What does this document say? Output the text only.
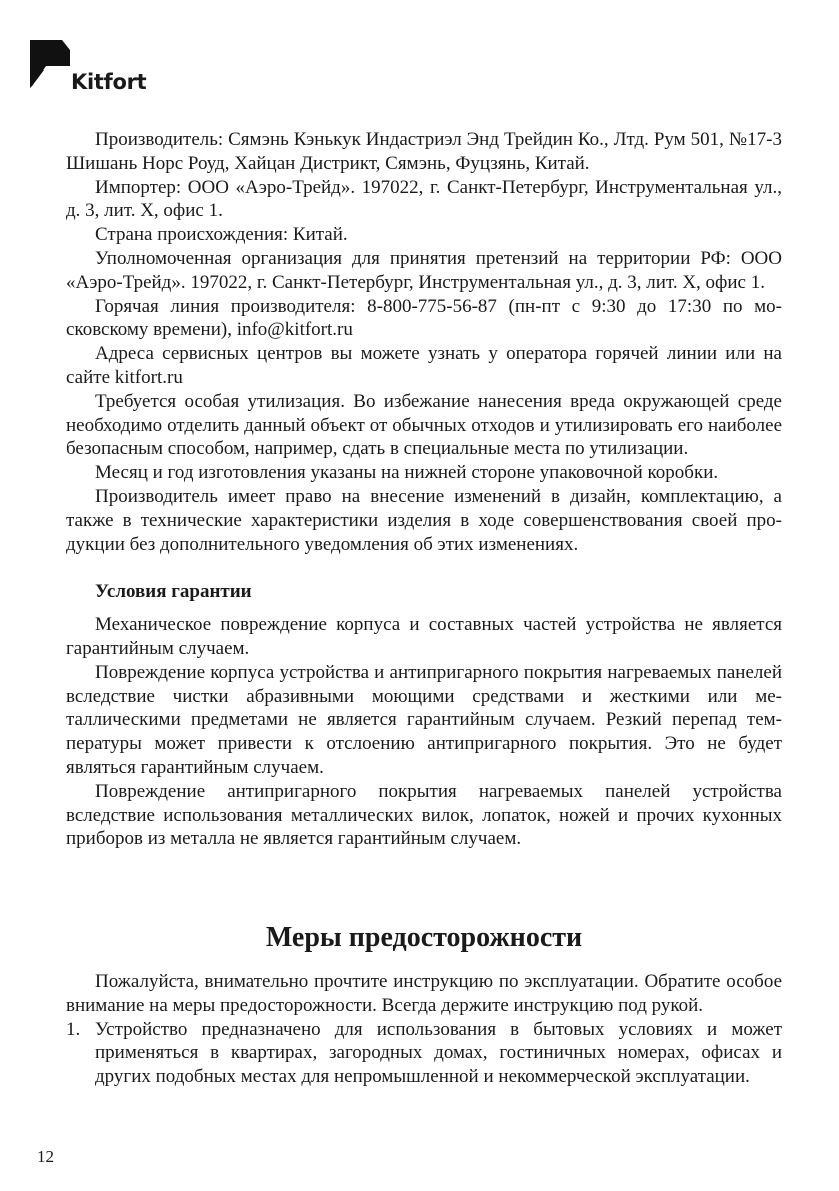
Kitfort

Производитель: Сямэнь Кэнькук Индастриэл Энд Трейдин Ко., Лтд. Рум 501, №17-3 Шишань Норс Роуд, Хайцан Дистрикт, Сямэнь, Фуцзянь, Китай.

Импортер: ООО «Аэро-Трейд». 197022, г. Санкт-Петербург, Инструментальная ул., д. 3, лит. Х, офис 1.

Страна происхождения: Китай.

Уполномоченная организация для принятия претензий на территории РФ: ООО «Аэро-Трейд». 197022, г. Санкт-Петербург, Инструментальная ул., д. 3, лит. Х, офис 1.

Горячая линия производителя: 8-800-775-56-87 (пн-пт с 9:30 до 17:30 по московскому времени), info@kitfort.ru

Адреса сервисных центров вы можете узнать у оператора горячей линии или на сайте kitfort.ru

Требуется особая утилизация. Во избежание нанесения вреда окружающей среде необходимо отделить данный объект от обычных отходов и утилизировать его наиболее безопасным способом, например, сдать в специальные места по утилизации.

Месяц и год изготовления указаны на нижней стороне упаковочной коробки.

Производитель имеет право на внесение изменений в дизайн, комплектацию, а также в технические характеристики изделия в ходе совершенствования своей продукции без дополнительного уведомления об этих изменениях.

Условия гарантии

Механическое повреждение корпуса и составных частей устройства не является гарантийным случаем.

Повреждение корпуса устройства и антипригарного покрытия нагреваемых панелей вследствие чистки абразивными моющими средствами и жесткими или металлическими предметами не является гарантийным случаем. Резкий перепад температуры может привести к отслоению антипригарного покрытия. Это не будет являться гарантийным случаем.

Повреждение антипригарного покрытия нагреваемых панелей устройства вследствие использования металлических вилок, лопаток, ножей и прочих кухонных приборов из металла не является гарантийным случаем.

Меры предосторожности

Пожалуйста, внимательно прочтите инструкцию по эксплуатации. Обратите особое внимание на меры предосторожности. Всегда держите инструкцию под рукой.

1. Устройство предназначено для использования в бытовых условиях и может применяться в квартирах, загородных домах, гостиничных номерах, офисах и других подобных местах для непромышленной и некоммерческой эксплуатации.
12
